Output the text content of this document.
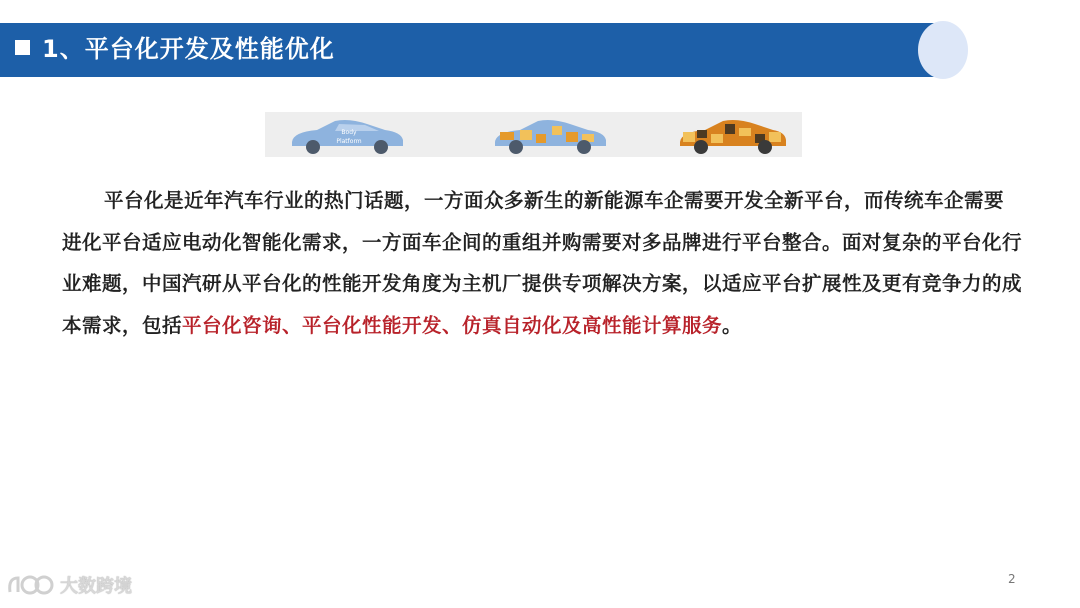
1、平台化开发及性能优化
Body
Platform

平台化是近年汽车行业的热门话题，一方面众多新生的新能源车企需要开发全新平台，而传统车企需要进化平台适应电动化智能化需求，一方面车企间的重组并购需要对多品牌进行平台整合。面对复杂的平台化行业难题，中国汽研从平台化的性能开发角度为主机厂提供专项解决方案，以适应平台扩展性及更有竞争力的成本需求，包括平台化咨询、平台化性能开发、仿真自动化及高性能计算服务。

大数跨境	2
